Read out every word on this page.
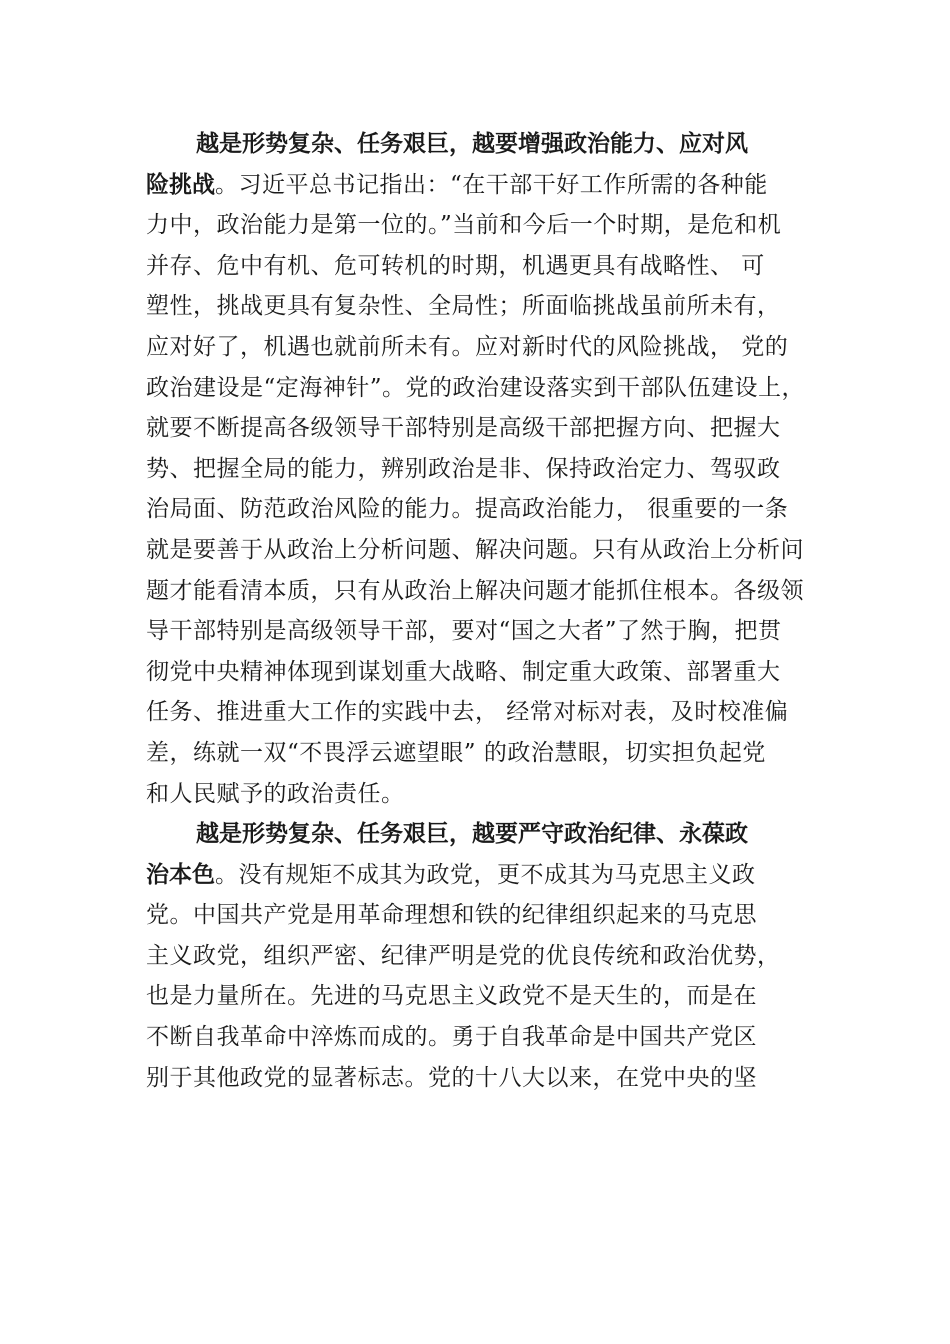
越是形势复杂、任务艰巨，越要增强政治能力、应对风
险挑战。习近平总书记指出：“在干部干好工作所需的各种能
力中，政治能力是第一位的。”当前和今后一个时期，是危和机
并存、危中有机、危可转机的时期，机遇更具有战略性、 可
塑性，挑战更具有复杂性、全局性；所面临挑战虽前所未有，
应对好了，机遇也就前所未有。应对新时代的风险挑战， 党的
政治建设是“定海神针”。党的政治建设落实到干部队伍建设上，
就要不断提高各级领导干部特别是高级干部把握方向、把握大
势、把握全局的能力，辨别政治是非、保持政治定力、驾驭政
治局面、防范政治风险的能力。提高政治能力， 很重要的一条
就是要善于从政治上分析问题、解决问题。只有从政治上分析问
题才能看清本质，只有从政治上解决问题才能抓住根本。各级领
导干部特别是高级领导干部，要对“国之大者”了然于胸，把贯
彻党中央精神体现到谋划重大战略、制定重大政策、部署重大
任务、推进重大工作的实践中去， 经常对标对表，及时校准偏
差，练就一双“不畏浮云遮望眼” 的政治慧眼，切实担负起党
和人民赋予的政治责任。
越是形势复杂、任务艰巨，越要严守政治纪律、永葆政
治本色。没有规矩不成其为政党，更不成其为马克思主义政
党。中国共产党是用革命理想和铁的纪律组织起来的马克思
主义政党，组织严密、纪律严明是党的优良传统和政治优势，
也是力量所在。先进的马克思主义政党不是天生的，而是在
不断自我革命中淬炼而成的。勇于自我革命是中国共产党区
别于其他政党的显著标志。党的十八大以来，在党中央的坚
